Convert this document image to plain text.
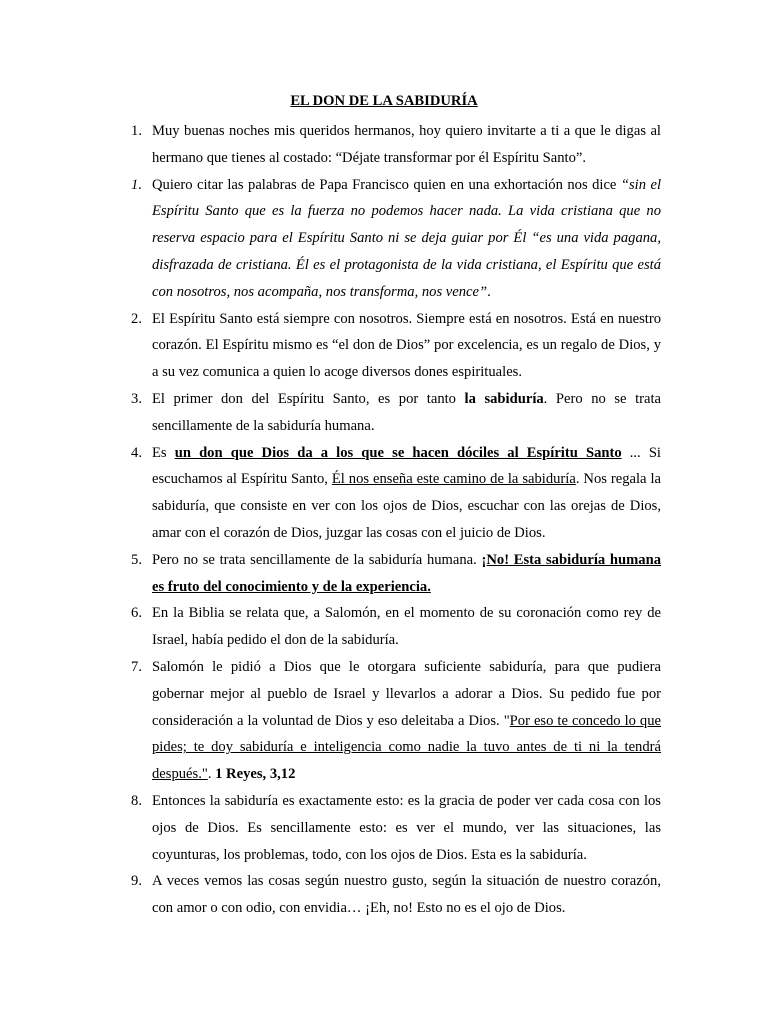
EL DON DE LA SABIDURÍA
1. Muy buenas noches mis queridos hermanos, hoy quiero invitarte a ti a que le digas al hermano que tienes al costado: “Déjate transformar por él Espíritu Santo”.
1. Quiero citar las palabras de Papa Francisco quien en una exhortación nos dice “sin el Espíritu Santo que es la fuerza no podemos hacer nada. La vida cristiana que no reserva espacio para el Espíritu Santo ni se deja guiar por Él “es una vida pagana, disfrazada de cristiana. Él es el protagonista de la vida cristiana, el Espíritu que está con nosotros, nos acompaña, nos transforma, nos vence”.
2. El Espíritu Santo está siempre con nosotros. Siempre está en nosotros. Está en nuestro corazón. El Espíritu mismo es “el don de Dios” por excelencia, es un regalo de Dios, y a su vez comunica a quien lo acoge diversos dones espirituales.
3. El primer don del Espíritu Santo, es por tanto la sabiduría. Pero no se trata sencillamente de la sabiduría humana.
4. Es un don que Dios da a los que se hacen dóciles al Espíritu Santo ... Si escuchamos al Espíritu Santo, Él nos enseña este camino de la sabiduría. Nos regala la sabiduría, que consiste en ver con los ojos de Dios, escuchar con las orejas de Dios, amar con el corazón de Dios, juzgar las cosas con el juicio de Dios.
5. Pero no se trata sencillamente de la sabiduría humana. ¡No! Esta sabiduría humana es fruto del conocimiento y de la experiencia.
6. En la Biblia se relata que, a Salomón, en el momento de su coronación como rey de Israel, había pedido el don de la sabiduría.
7. Salomón le pidió a Dios que le otorgara suficiente sabiduría, para que pudiera gobernar mejor al pueblo de Israel y llevarlos a adorar a Dios. Su pedido fue por consideración a la voluntad de Dios y eso deleitaba a Dios. "Por eso te concedo lo que pides; te doy sabiduría e inteligencia como nadie la tuvo antes de ti ni la tendrá después.". 1 Reyes, 3,12
8. Entonces la sabiduría es exactamente esto: es la gracia de poder ver cada cosa con los ojos de Dios. Es sencillamente esto: es ver el mundo, ver las situaciones, las coyunturas, los problemas, todo, con los ojos de Dios. Esta es la sabiduría.
9. A veces vemos las cosas según nuestro gusto, según la situación de nuestro corazón, con amor o con odio, con envidia… ¡Eh, no! Esto no es el ojo de Dios.
